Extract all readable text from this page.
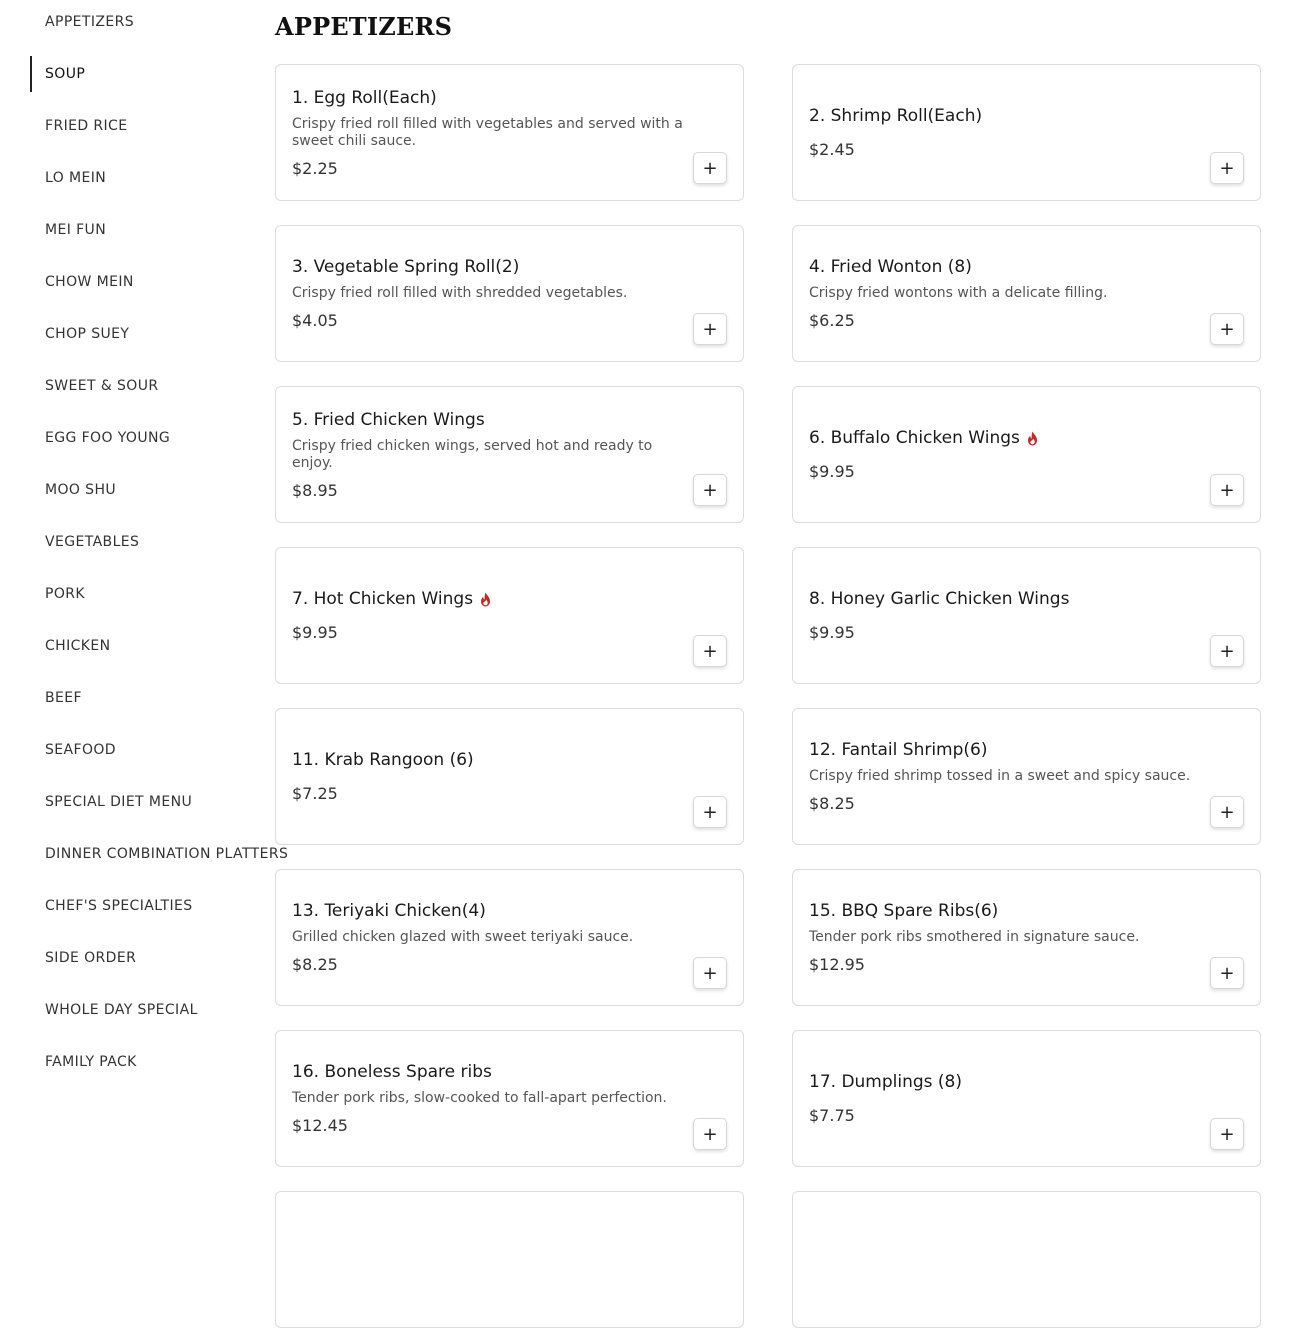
APPETIZERS
SOUP
FRIED RICE
LO MEIN
MEI FUN
CHOW MEIN
CHOP SUEY
SWEET & SOUR
EGG FOO YOUNG
MOO SHU
VEGETABLES
PORK
CHICKEN
BEEF
SEAFOOD
SPECIAL DIET MENU
DINNER COMBINATION PLATTERS
CHEF'S SPECIALTIES
SIDE ORDER
WHOLE DAY SPECIAL
FAMILY PACK
APPETIZERS
1. Egg Roll(Each)
Crispy fried roll filled with vegetables and served with a sweet chili sauce.
$2.25	+
2. Shrimp Roll(Each)
$2.45
+
3. Vegetable Spring Roll(2)
Crispy fried roll filled with shredded vegetables.
$4.05	+
4. Fried Wonton (8)
Crispy fried wontons with a delicate filling.
$6.25	+
5. Fried Chicken Wings
Crispy fried chicken wings, served hot and ready to enjoy.
$8.95	+
6. Buffalo Chicken Wings
$9.95
+
7. Hot Chicken Wings
$9.95
+
8. Honey Garlic Chicken Wings
$9.95
+
11. Krab Rangoon (6)
$7.25
+
12. Fantail Shrimp(6)
Crispy fried shrimp tossed in a sweet and spicy sauce.
$8.25	+
13. Teriyaki Chicken(4)
Grilled chicken glazed with sweet teriyaki sauce.
$8.25	+
15. BBQ Spare Ribs(6)
Tender pork ribs smothered in signature sauce.
$12.95	+
16. Boneless Spare ribs
Tender pork ribs, slow-cooked to fall-apart perfection.
$12.45	+
17. Dumplings (8)
$7.75
+
